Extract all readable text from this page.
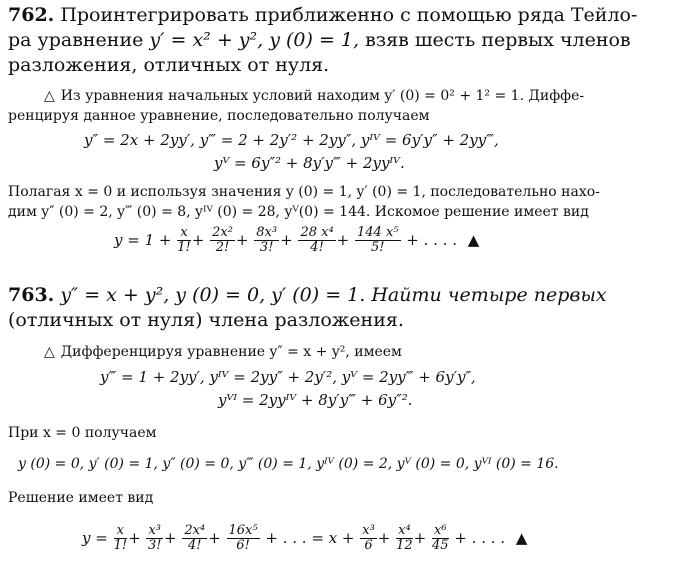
762. Проинтегрировать приближенно с помощью ряда Тейло-
ра уравнение y′ = x² + y², y (0) = 1, взяв шесть первых членов
разложения, отличных от нуля.
△ Из уравнения начальных условий находим y′ (0) = 0² + 1² = 1. Диффе-
ренцируя данное уравнение, последовательно получаем
y″ = 2x + 2yy′, y‴ = 2 + 2y′² + 2yy″, yᴵⱽ = 6y′y″ + 2yy‴,
yⱽ = 6y″² + 8y′y‴ + 2yyᴵⱽ.
Полагая x = 0 и используя значения y (0) = 1, y′ (0) = 1, последовательно нахо-
дим y″ (0) = 2, y‴ (0) = 8, yᴵⱽ (0) = 28, yⱽ(0) = 144. Искомое решение имеет вид
$y = 1 + \frac{x}{1!} + \frac{\text{2x²}}{2!} + \frac{\text{8x³}}{3!} + \frac{\text{28 x⁴}}{4!} + \frac{\text{144 x⁵}}{5!}$ + . . . . ▲
763. y″ = x + y², y (0) = 0, y′ (0) = 1. Найти четыре первых
(отличных от нуля) члена разложения.
△ Дифференцируя уравнение y″ = x + y², имеем
y‴ = 1 + 2yy′, yᴵⱽ = 2yy″ + 2y′², yⱽ = 2yy‴ + 6y′y″,
yⱽᴵ = 2yyᴵⱽ + 8y′y‴ + 6y″².
При x = 0 получаем
y (0) = 0, y′ (0) = 1, y″ (0) = 0, y‴ (0) = 1, yᴵⱽ (0) = 2, yⱽ (0) = 0, yⱽᴵ (0) = 16.
Решение имеет вид
$y = \frac{x}{1!} + \frac{\text{x³}}{3!} + \frac{\text{2x⁴}}{4!} + \frac{\text{16x⁵}}{6!}$ + . . . = $x + \frac{\text{x³}}{6} + \frac{\text{x⁴}}{12} + \frac{\text{x⁶}}{45}$ + . . . . ▲
